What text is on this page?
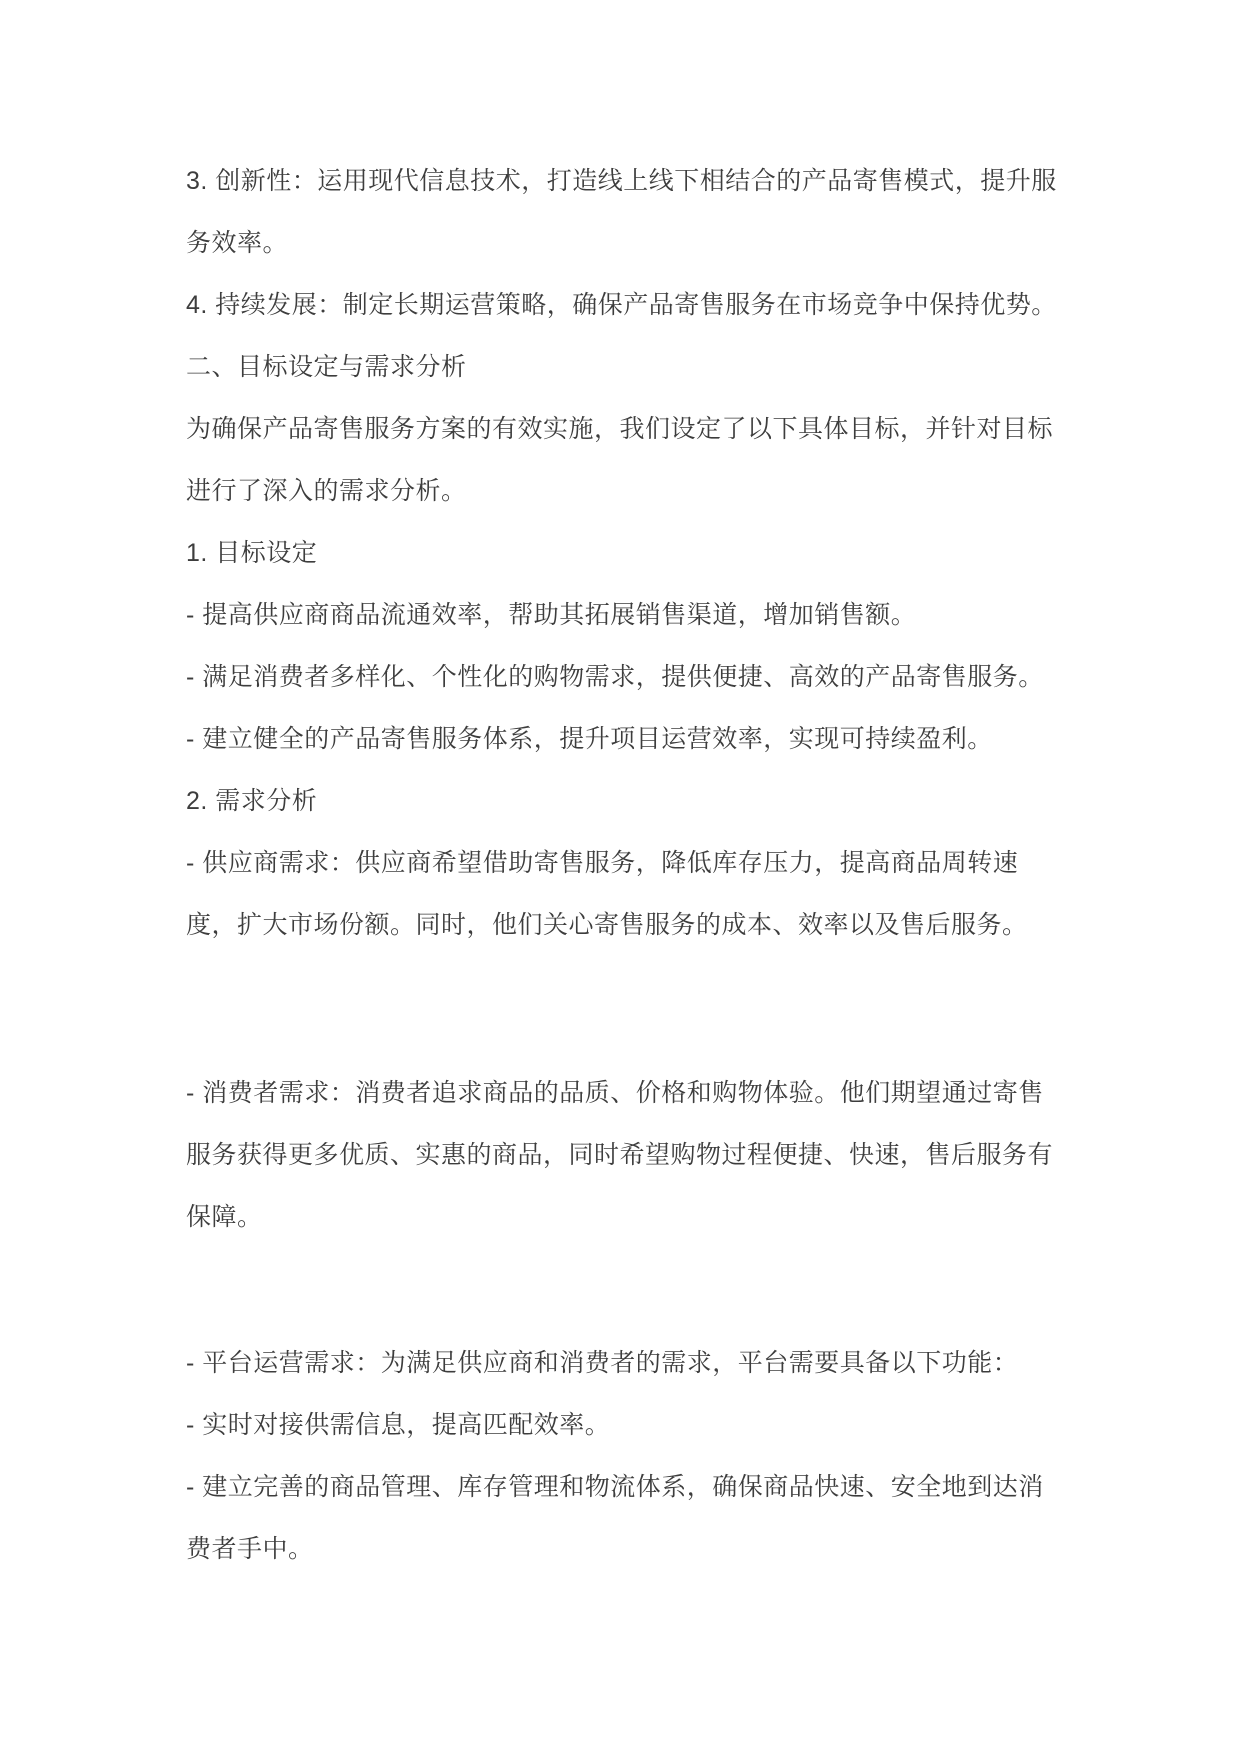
3. 创新性：运用现代信息技术，打造线上线下相结合的产品寄售模式，提升服
务效率。
4. 持续发展：制定长期运营策略，确保产品寄售服务在市场竞争中保持优势。
二、目标设定与需求分析
为确保产品寄售服务方案的有效实施，我们设定了以下具体目标，并针对目标
进行了深入的需求分析。
1. 目标设定
- 提高供应商商品流通效率，帮助其拓展销售渠道，增加销售额。
- 满足消费者多样化、个性化的购物需求，提供便捷、高效的产品寄售服务。
- 建立健全的产品寄售服务体系，提升项目运营效率，实现可持续盈利。
2. 需求分析
- 供应商需求：供应商希望借助寄售服务，降低库存压力，提高商品周转速
度，扩大市场份额。同时，他们关心寄售服务的成本、效率以及售后服务。
- 消费者需求：消费者追求商品的品质、价格和购物体验。他们期望通过寄售
服务获得更多优质、实惠的商品，同时希望购物过程便捷、快速，售后服务有
保障。
- 平台运营需求：为满足供应商和消费者的需求，平台需要具备以下功能：
- 实时对接供需信息，提高匹配效率。
- 建立完善的商品管理、库存管理和物流体系，确保商品快速、安全地到达消
费者手中。
